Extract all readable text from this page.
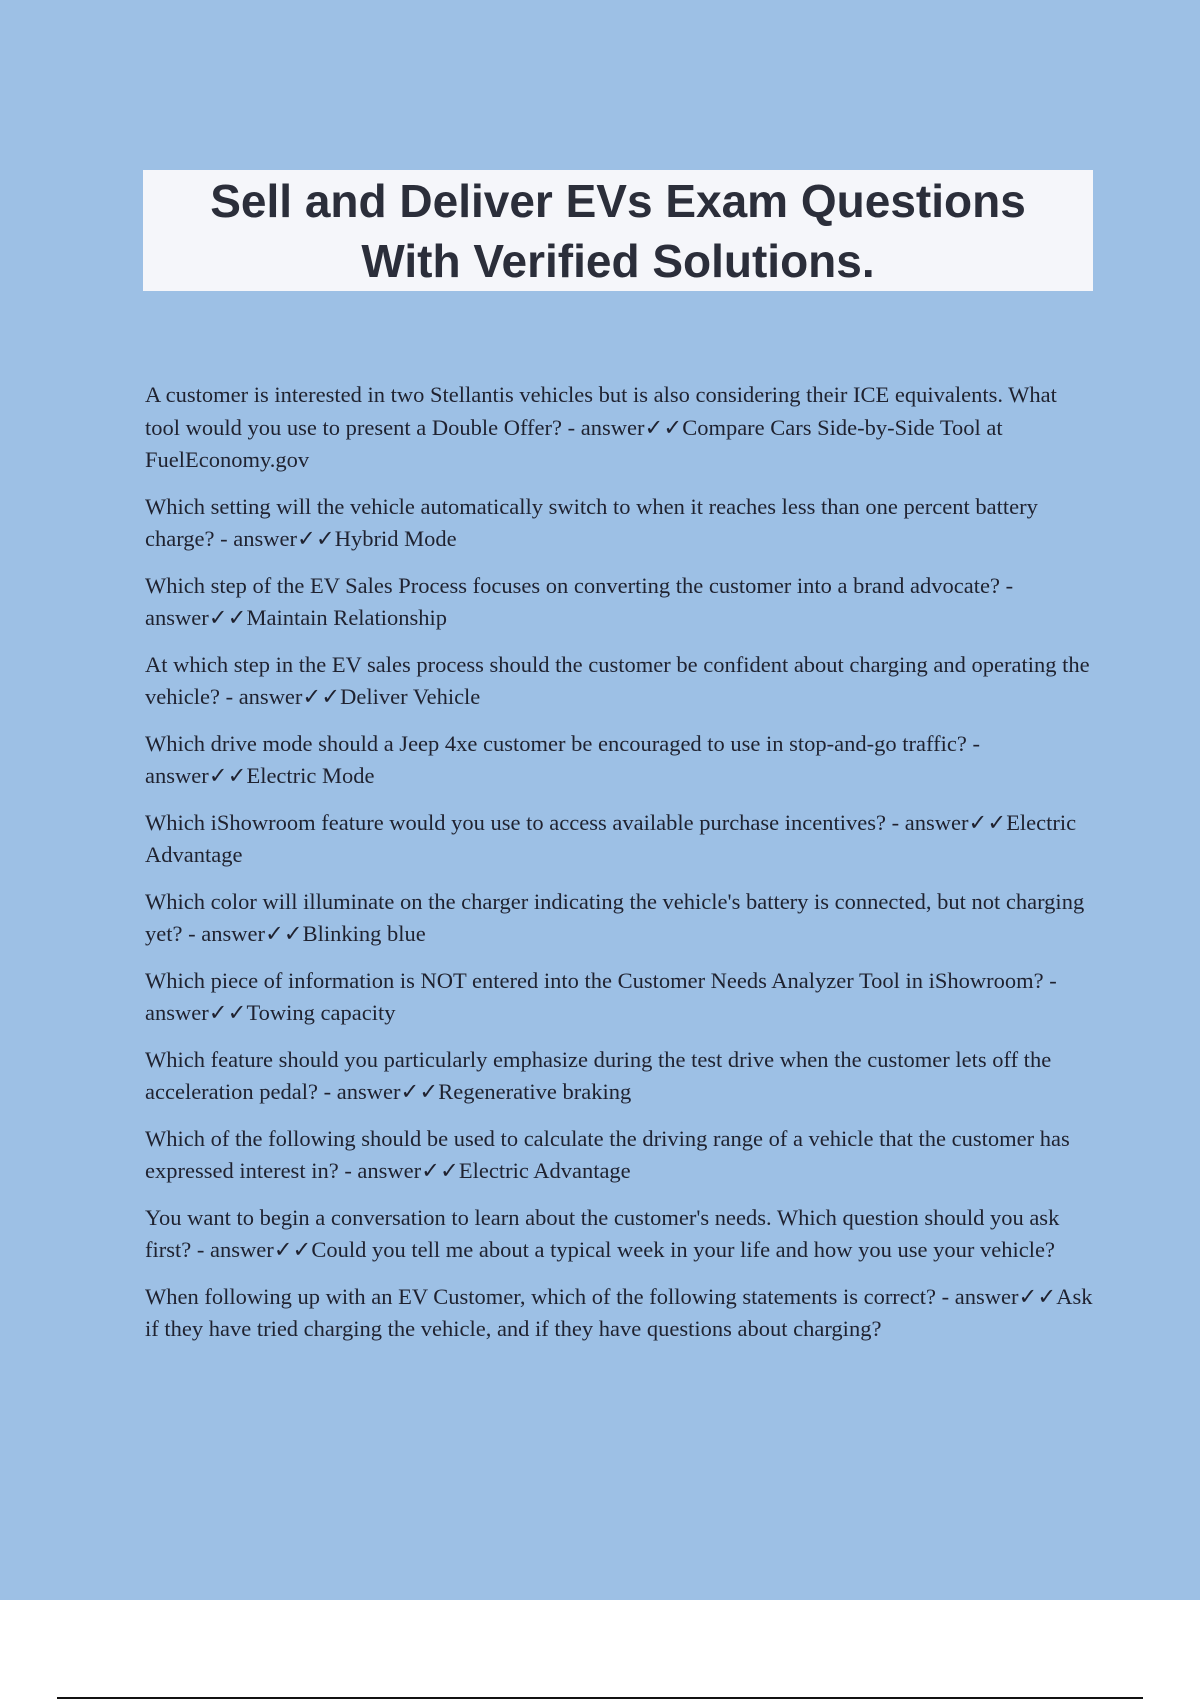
Sell and Deliver EVs Exam Questions
With Verified Solutions.

A customer is interested in two Stellantis vehicles but is also considering their ICE equivalents. What tool would you use to present a Double Offer? - answer✓✓Compare Cars Side-by-Side Tool at FuelEconomy.gov

Which setting will the vehicle automatically switch to when it reaches less than one percent battery charge? - answer✓✓Hybrid Mode

Which step of the EV Sales Process focuses on converting the customer into a brand advocate? - answer✓✓Maintain Relationship

At which step in the EV sales process should the customer be confident about charging and operating the vehicle? - answer✓✓Deliver Vehicle

Which drive mode should a Jeep 4xe customer be encouraged to use in stop-and-go traffic? - answer✓✓Electric Mode

Which iShowroom feature would you use to access available purchase incentives? - answer✓✓Electric Advantage

Which color will illuminate on the charger indicating the vehicle's battery is connected, but not charging yet? - answer✓✓Blinking blue

Which piece of information is NOT entered into the Customer Needs Analyzer Tool in iShowroom? - answer✓✓Towing capacity

Which feature should you particularly emphasize during the test drive when the customer lets off the acceleration pedal? - answer✓✓Regenerative braking

Which of the following should be used to calculate the driving range of a vehicle that the customer has expressed interest in? - answer✓✓Electric Advantage

You want to begin a conversation to learn about the customer's needs. Which question should you ask first? - answer✓✓Could you tell me about a typical week in your life and how you use your vehicle?

When following up with an EV Customer, which of the following statements is correct? - answer✓✓Ask if they have tried charging the vehicle, and if they have questions about charging?
